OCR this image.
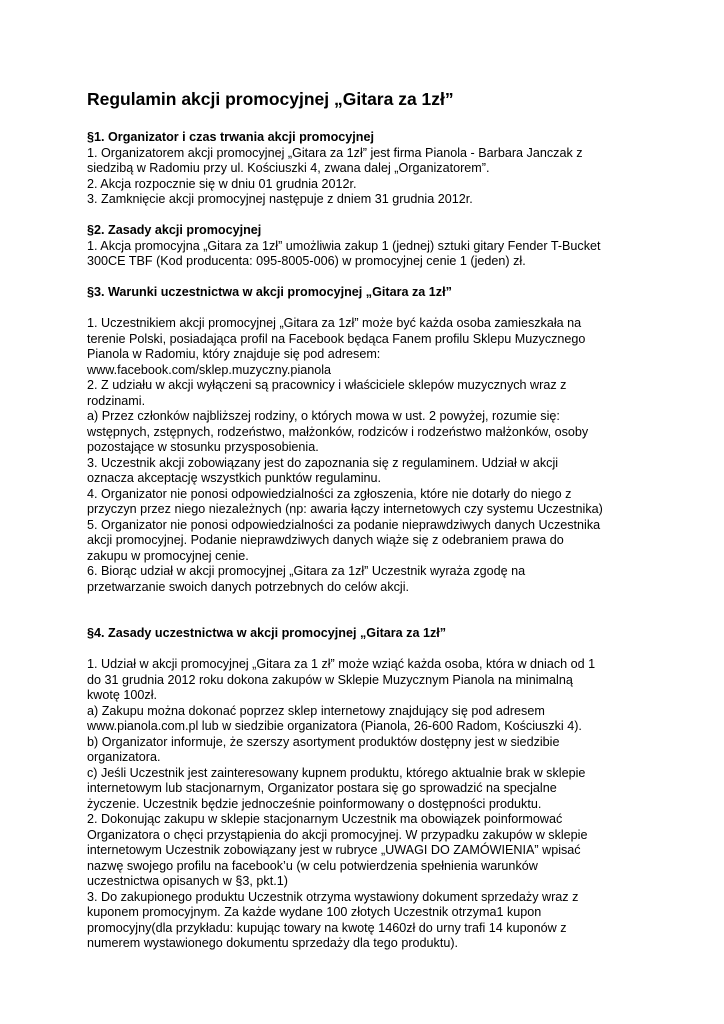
Regulamin akcji promocyjnej „Gitara za 1zł”

§1. Organizator i czas trwania akcji promocyjnej

1. Organizatorem akcji promocyjnej „Gitara za 1zł” jest firma Pianola - Barbara Janczak z

siedzibą w Radomiu przy ul. Kościuszki 4, zwana dalej „Organizatorem”.

2. Akcja rozpocznie się w dniu 01 grudnia 2012r.

3. Zamknięcie akcji promocyjnej następuje z dniem 31 grudnia 2012r.

§2. Zasady akcji promocyjnej

1. Akcja promocyjna „Gitara za 1zł” umożliwia zakup 1 (jednej) sztuki gitary Fender T-Bucket

300CE TBF (Kod producenta: 095-8005-006) w promocyjnej cenie 1 (jeden) zł.

§3. Warunki uczestnictwa w akcji promocyjnej „Gitara za 1zł”

1. Uczestnikiem akcji promocyjnej „Gitara za 1zł” może być każda osoba zamieszkała na

terenie Polski, posiadająca profil na Facebook będąca Fanem profilu Sklepu Muzycznego

Pianola w Radomiu, który znajduje się pod adresem:

www.facebook.com/sklep.muzyczny.pianola

2. Z udziału w akcji wyłączeni są pracownicy i właściciele sklepów muzycznych wraz z

rodzinami.

a) Przez członków najbliższej rodziny, o których mowa w ust. 2 powyżej, rozumie się:

wstępnych, zstępnych, rodzeństwo, małżonków, rodziców i rodzeństwo małżonków, osoby

pozostające w stosunku przysposobienia.

3. Uczestnik akcji zobowiązany jest do zapoznania się z regulaminem. Udział w akcji

oznacza akceptację wszystkich punktów regulaminu.

4. Organizator nie ponosi odpowiedzialności za zgłoszenia, które nie dotarły do niego z

przyczyn przez niego niezależnych (np: awaria łączy internetowych czy systemu Uczestnika)

5. Organizator nie ponosi odpowiedzialności za podanie nieprawdziwych danych Uczestnika

akcji promocyjnej. Podanie nieprawdziwych danych wiąże się z odebraniem prawa do

zakupu w promocyjnej cenie.

6. Biorąc udział w akcji promocyjnej „Gitara za 1zł” Uczestnik wyraża zgodę na

przetwarzanie swoich danych potrzebnych do celów akcji.

§4. Zasady uczestnictwa w akcji promocyjnej „Gitara za 1zł”

1. Udział w akcji promocyjnej „Gitara za 1 zł” może wziąć każda osoba, która w dniach od 1

do 31 grudnia 2012 roku dokona zakupów w Sklepie Muzycznym Pianola na minimalną

kwotę 100zł.

a) Zakupu można dokonać poprzez sklep internetowy znajdujący się pod adresem

www.pianola.com.pl lub w siedzibie organizatora (Pianola, 26-600 Radom, Kościuszki 4).

b) Organizator informuje, że szerszy asortyment produktów dostępny jest w siedzibie

organizatora.

c) Jeśli Uczestnik jest zainteresowany kupnem produktu, którego aktualnie brak w sklepie

internetowym lub stacjonarnym, Organizator postara się go sprowadzić na specjalne

życzenie. Uczestnik będzie jednocześnie poinformowany o dostępności produktu.

2. Dokonując zakupu w sklepie stacjonarnym Uczestnik ma obowiązek poinformować

Organizatora o chęci przystąpienia do akcji promocyjnej. W przypadku zakupów w sklepie

internetowym Uczestnik zobowiązany jest w rubryce „UWAGI DO ZAMÓWIENIA” wpisać

nazwę swojego profilu na facebook’u (w celu potwierdzenia spełnienia warunków

uczestnictwa opisanych w §3, pkt.1)

3. Do zakupionego produktu Uczestnik otrzyma wystawiony dokument sprzedaży wraz z

kuponem promocyjnym. Za każde wydane 100 złotych Uczestnik otrzyma1 kupon

promocyjny(dla przykładu: kupując towary na kwotę 1460zł do urny trafi 14 kuponów z

numerem wystawionego dokumentu sprzedaży dla tego produktu).
